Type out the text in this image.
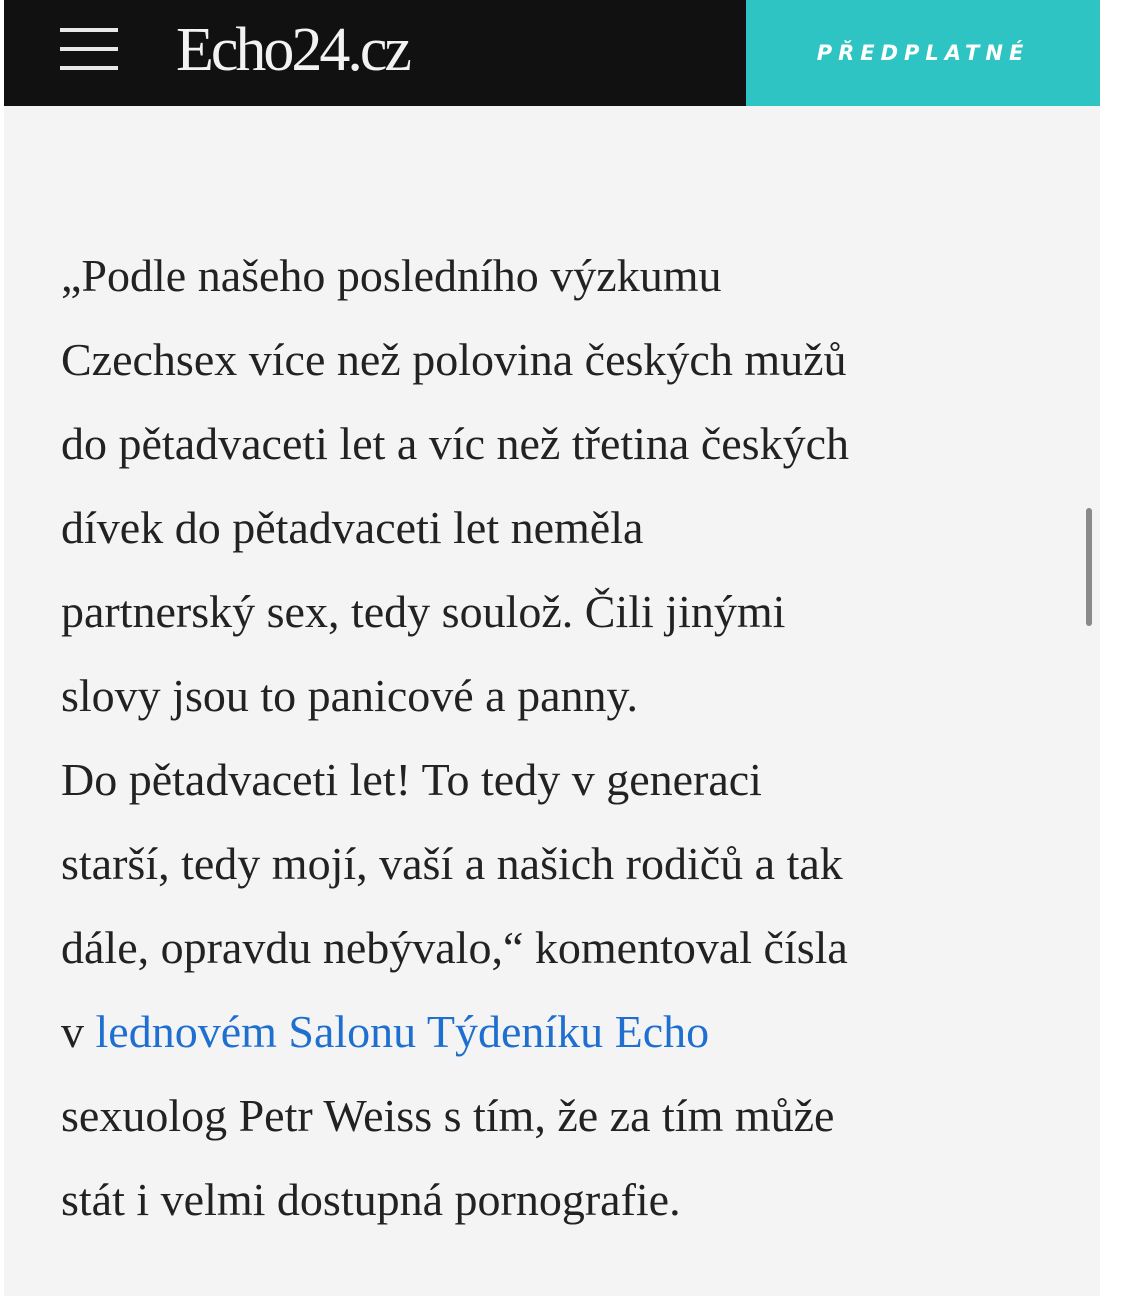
Echo24.cz	PŘEDPLATNÉ
„Podle našeho posledního výzkumu
Czechsex více než polovina českých mužů
do pětadvaceti let a víc než třetina českých
dívek do pětadvaceti let neměla
partnerský sex, tedy soulož. Čili jinými
slovy jsou to panicové a panny.
Do pětadvaceti let! To tedy v generaci
starší, tedy mojí, vaší a našich rodičů a tak
dále, opravdu nebývalo,“ komentoval čísla
v lednovém Salonu Týdeníku Echo
sexuolog Petr Weiss s tím, že za tím může
stát i velmi dostupná pornografie.
